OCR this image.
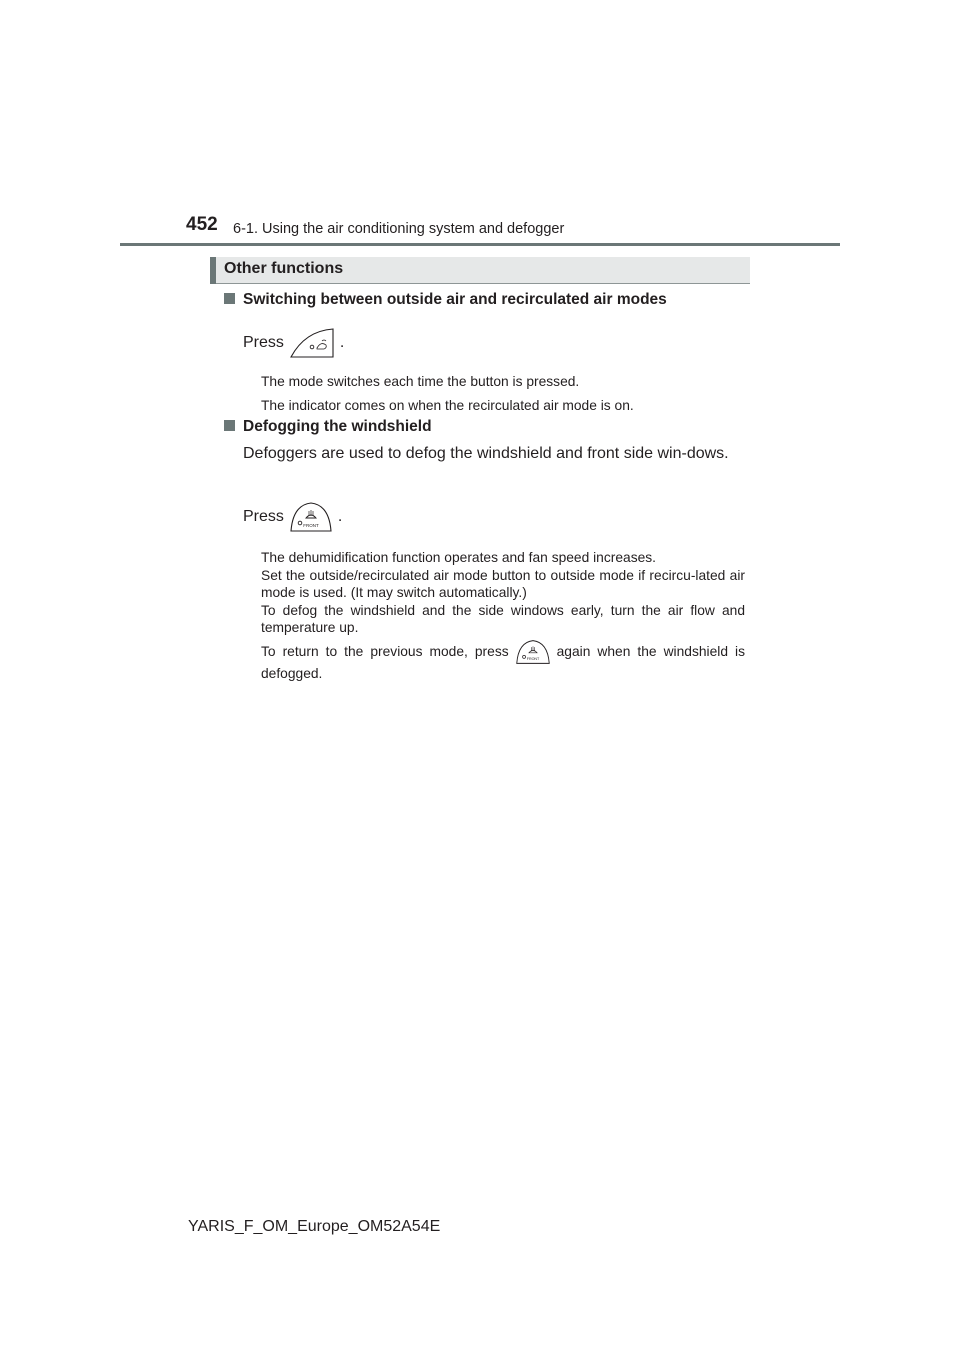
452 6-1. Using the air conditioning system and defogger
Other functions
Switching between outside air and recirculated air modes
Press	.
The mode switches each time the button is pressed.
The indicator comes on when the recirculated air mode is on.
Defogging the windshield
Defoggers are used to defog the windshield and front side win-dows.
Press
FRONT
.
The dehumidification function operates and fan speed increases.
Set the outside/recirculated air mode button to outside mode if recircu-lated air mode is used. (It may switch automatically.)
To defog the windshield and the side windows early, turn the air flow and temperature up.
To return to the previous mode, press
FRONT
again when the windshield is defogged.
YARIS_F_OM_Europe_OM52A54E
